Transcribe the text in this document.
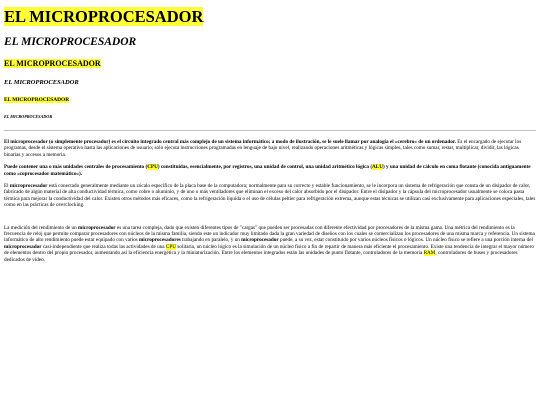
EL MICROPROCESADOR
EL MICROPROCESADOR
EL MICROPROCESADOR
EL MICROPROCESADOR
EL MICROPROCESADOR
EL MICROPROCESADOR

El microprocesador (o simplemente procesador) es el circuito integrado central más complejo de un sistema informático; a modo de ilustración, se le suele llamar por analogía el «cerebro» de un ordenador. Es el encargado de ejecutar los programas, desde el sistema operativo hasta las aplicaciones de usuario; solo ejecuta instrucciones programadas en lenguaje de bajo nivel, realizando operaciones aritméticas y lógicas simples, tales como sumar, restar, multiplicar, dividir, las lógicas binarias y accesos a memoria.

Puede contener una o más unidades centrales de procesamiento (CPU) constituidas, esencialmente, por registros, una unidad de control, una unidad aritmético lógica (ALU) y una unidad de cálculo en coma flotante (conocida antiguamente como «coprocesador matemático»).

El microprocesador está conectado generalmente mediante un zócalo específico de la placa base de la computadora; normalmente para su correcto y estable funcionamiento, se le incorpora un sistema de refrigeración que consta de un disipador de calor, fabricado de algún material de alta conductividad térmica, como cobre o aluminio, y de uno o más ventiladores que eliminan el exceso del calor absorbido por el disipador. Entre el disipador y la cápsula del microprocesador usualmente se coloca pasta térmica para mejorar la conductividad del calor. Existen otros métodos más eficaces, como la refrigeración líquida o el uso de células peltier para refrigeración extrema, aunque estas técnicas se utilizan casi exclusivamente para aplicaciones especiales, tales como en las prácticas de overclocking.

La medición del rendimiento de un microprocesador es una tarea compleja, dado que existen diferentes tipos de "cargas" que pueden ser procesadas con diferente efectividad por procesadores de la misma gama. Una métrica del rendimiento es la frecuencia de reloj que permite comparar procesadores con núcleos de la misma familia, siendo este un indicador muy limitado dada la gran variedad de diseños con los cuales se comercializan los procesadores de una misma marca y referencia. Un sistema informático de alto rendimiento puede estar equipado con varios microprocesadores trabajando en paralelo, y un microprocesador puede, a su vez, estar constituido por varios núcleos físicos o lógicos. Un núcleo físico se refiere a una porción interna del microprocesador casi-independiente que realiza todas las actividades de una CPU solitaria, un núcleo lógico es la simulación de un núcleo físico a fin de repartir de manera más eficiente el procesamiento. Existe una tendencia de integrar el mayor número de elementos dentro del propio procesador, aumentando así la eficiencia energética y la miniaturización. Entre los elementos integrados están las unidades de punto flotante, controladores de la memoria RAM, controladores de buses y procesadores dedicados de vídeo.
